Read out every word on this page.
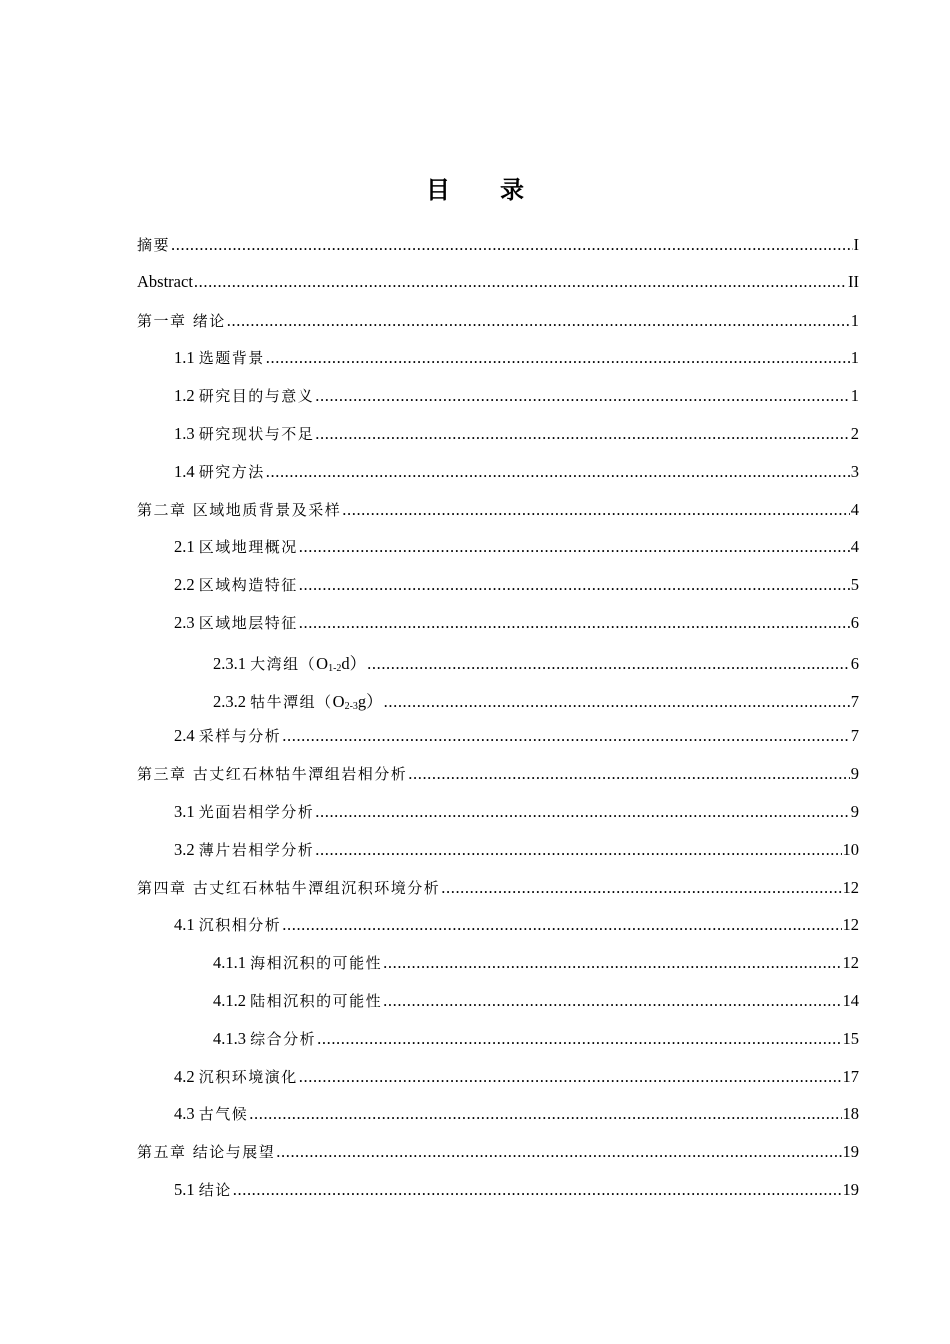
目 录
摘要 .....	I
Abstract .....	II
第一章 绪论 .....	1
1.1 选题背景 .....	1
1.2 研究目的与意义 .....	1
1.3 研究现状与不足 .....	2
1.4 研究方法 .....	3
第二章 区域地质背景及采样 .....	4
2.1 区域地理概况 .....	4
2.2 区域构造特征 .....	5
2.3 区域地层特征 .....	6
2.3.1 大湾组$(O_{1-2}d)$ .....	6
2.3.2 牯牛潭组$(O_{2-3}g)$ .....	7
2.4 采样与分析 .....	7
第三章 古丈红石林牯牛潭组岩相分析 .....	9
3.1 光面岩相学分析 .....	9
3.2 薄片岩相学分析 .....	10
第四章 古丈红石林牯牛潭组沉积环境分析 .....	12
4.1 沉积相分析 .....	12
4.1.1 海相沉积的可能性 .....	12
4.1.2 陆相沉积的可能性 .....	14
4.1.3 综合分析 .....	15
4.2 沉积环境演化 .....	17
4.3 古气候 .....	18
第五章 结论与展望 .....	19
5.1 结论 .....	19
